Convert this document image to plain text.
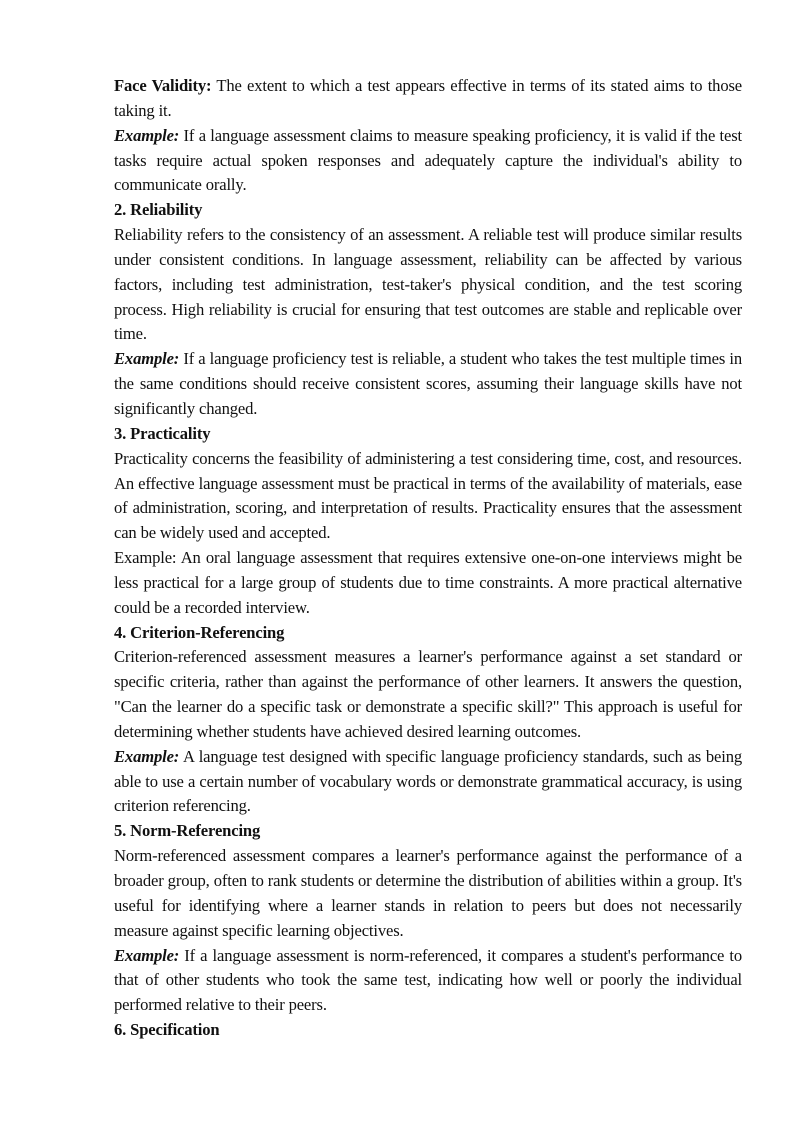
Face Validity: The extent to which a test appears effective in terms of its stated aims to those taking it.

Example: If a language assessment claims to measure speaking proficiency, it is valid if the test tasks require actual spoken responses and adequately capture the individual's ability to communicate orally.

2. Reliability

Reliability refers to the consistency of an assessment. A reliable test will produce similar results under consistent conditions. In language assessment, reliability can be affected by various factors, including test administration, test-taker's physical condition, and the test scoring process. High reliability is crucial for ensuring that test outcomes are stable and replicable over time.

Example: If a language proficiency test is reliable, a student who takes the test multiple times in the same conditions should receive consistent scores, assuming their language skills have not significantly changed.

3. Practicality

Practicality concerns the feasibility of administering a test considering time, cost, and resources. An effective language assessment must be practical in terms of the availability of materials, ease of administration, scoring, and interpretation of results. Practicality ensures that the assessment can be widely used and accepted.

Example: An oral language assessment that requires extensive one-on-one interviews might be less practical for a large group of students due to time constraints. A more practical alternative could be a recorded interview.

4. Criterion-Referencing

Criterion-referenced assessment measures a learner's performance against a set standard or specific criteria, rather than against the performance of other learners. It answers the question, "Can the learner do a specific task or demonstrate a specific skill?" This approach is useful for determining whether students have achieved desired learning outcomes.

Example: A language test designed with specific language proficiency standards, such as being able to use a certain number of vocabulary words or demonstrate grammatical accuracy, is using criterion referencing.

5. Norm-Referencing

Norm-referenced assessment compares a learner's performance against the performance of a broader group, often to rank students or determine the distribution of abilities within a group. It's useful for identifying where a learner stands in relation to peers but does not necessarily measure against specific learning objectives.

Example: If a language assessment is norm-referenced, it compares a student's performance to that of other students who took the same test, indicating how well or poorly the individual performed relative to their peers.

6. Specification
